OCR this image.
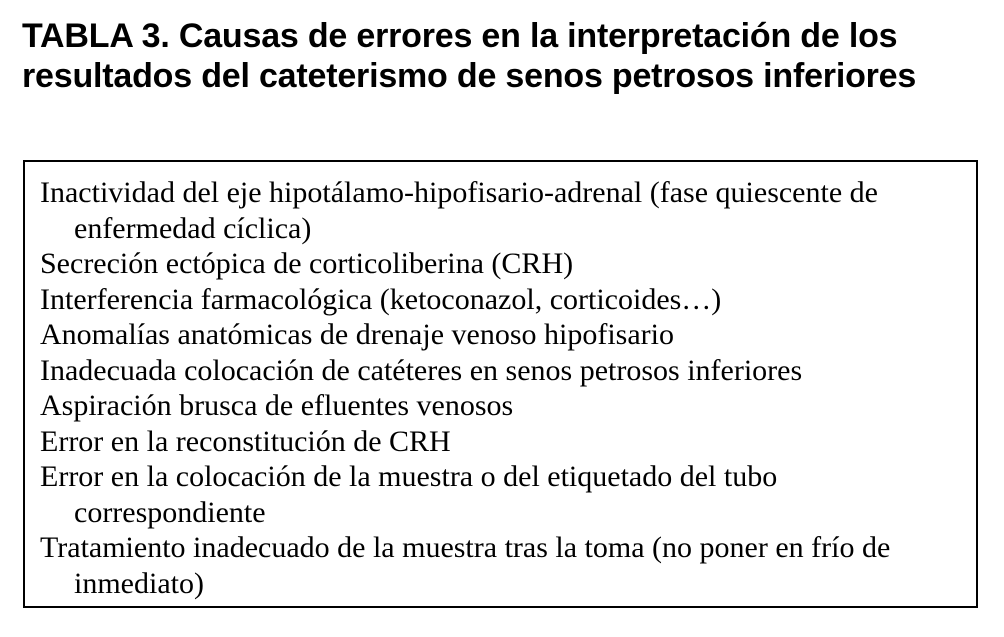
TABLA 3. Causas de errores en la interpretación de los resultados del cateterismo de senos petrosos inferiores
Inactividad del eje hipotálamo-hipofisario-adrenal (fase quiescente de enfermedad cíclica)
Secreción ectópica de corticoliberina (CRH)
Interferencia farmacológica (ketoconazol, corticoides…)
Anomalías anatómicas de drenaje venoso hipofisario
Inadecuada colocación de catéteres en senos petrosos inferiores
Aspiración brusca de efluentes venosos
Error en la reconstitución de CRH
Error en la colocación de la muestra o del etiquetado del tubo correspondiente
Tratamiento inadecuado de la muestra tras la toma (no poner en frío de inmediato)
